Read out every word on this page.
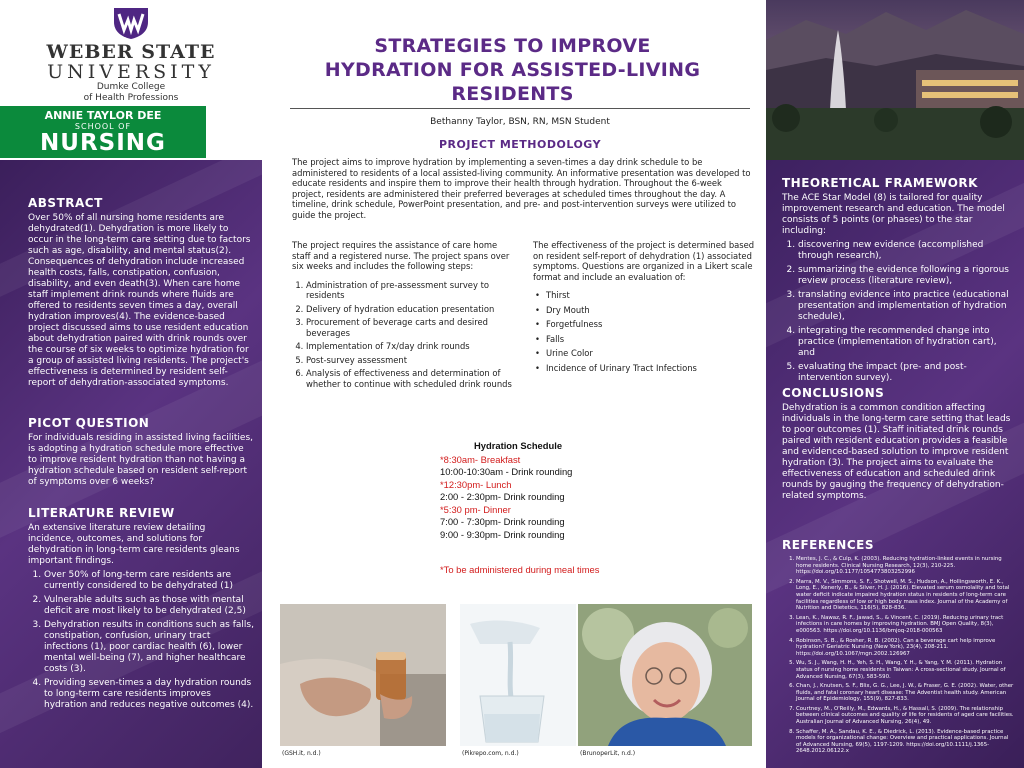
WEBER STATE
UNIVERSITY
Dumke College
of Health Professions
ANNIE TAYLOR DEE
SCHOOL OF
NURSING
ABSTRACT

Over 50% of all nursing home residents are dehydrated(1). Dehydration is more likely to occur in the long-term care setting due to factors such as age, disability, and mental status(2). Consequences of dehydration include increased health costs, falls, constipation, confusion, disability, and even death(3). When care home staff implement drink rounds where fluids are offered to residents seven times a day, overall hydration improves(4). The evidence-based project discussed aims to use resident education about dehydration paired with drink rounds over the course of six weeks to optimize hydration for a group of assisted living residents. The project's effectiveness is determined by resident self-report of dehydration-associated symptoms.

PICOT QUESTION

For individuals residing in assisted living facilities, is adopting a hydration schedule more effective to improve resident hydration than not having a hydration schedule based on resident self-report of symptoms over 6 weeks?

LITERATURE REVIEW

An extensive literature review detailing incidence, outcomes, and solutions for dehydration in long-term care residents gleans important findings.

1. Over 50% of long-term care residents are currently considered to be dehydrated (1)
2. Vulnerable adults such as those with mental deficit are most likely to be dehydrated (2,5)
3. Dehydration results in conditions such as falls, constipation, confusion, urinary tract infections (1), poor cardiac health (6), lower mental well-being (7), and higher healthcare costs (3).
4. Providing seven-times a day hydration rounds to long-term care residents improves hydration and reduces negative outcomes (4).
STRATEGIES TO IMPROVE
HYDRATION FOR ASSISTED-LIVING
RESIDENTS
Bethanny Taylor, BSN, RN, MSN Student
PROJECT METHODOLOGY

The project aims to improve hydration by implementing a seven-times a day drink schedule to be administered to residents of a local assisted-living community. An informative presentation was developed to educate residents and inspire them to improve their health through hydration. Throughout the 6-week project, residents are administered their preferred beverages at scheduled times throughout the day. A timeline, drink schedule, PowerPoint presentation, and pre- and post-intervention surveys were utilized to guide the project.

The project requires the assistance of care home staff and a registered nurse. The project spans over six weeks and includes the following steps:

1. Administration of pre-assessment survey to residents
2. Delivery of hydration education presentation
3. Procurement of beverage carts and desired beverages
4. Implementation of 7x/day drink rounds
5. Post-survey assessment
6. Analysis of effectiveness and determination of whether to continue with scheduled drink rounds

The effectiveness of the project is determined based on resident self-report of dehydration (1) associated symptoms. Questions are organized in a Likert scale format and include an evaluation of:

• Thirst
• Dry Mouth
• Forgetfulness
• Falls
• Urine Color
• Incidence of Urinary Tract Infections
Hydration Schedule
*8:30am- Breakfast
10:00-10:30am - Drink rounding
*12:30pm- Lunch
2:00 - 2:30pm- Drink rounding
*5:30 pm- Dinner
7:00 - 7:30pm- Drink rounding
9:00 - 9:30pm- Drink rounding
*To be administered during meal times
(GSH.it, n.d.)	(Pikrepo.com, n.d.)	(BrunoperLit, n.d.)
THEORETICAL FRAMEWORK

The ACE Star Model (8) is tailored for quality improvement research and education. The model consists of 5 points (or phases) to the star including:

1. discovering new evidence (accomplished through research),
2. summarizing the evidence following a rigorous review process (literature review),
3. translating evidence into practice (educational presentation and implementation of hydration schedule),
4. integrating the recommended change into practice (implementation of hydration cart), and
5. evaluating the impact (pre- and post-intervention survey).
CONCLUSIONS

Dehydration is a common condition affecting individuals in the long-term care setting that leads to poor outcomes (1). Staff initiated drink rounds paired with resident education provides a feasible and evidenced-based solution to improve resident hydration (3). The project aims to evaluate the effectiveness of education and scheduled drink rounds by gauging the frequency of dehydration-related symptoms.

REFERENCES
1. Mentes, J. C., & Culp, K. (2003). Reducing hydration-linked events in nursing home residents. Clinical Nursing Research, 12(3), 210-225. https://doi.org/10.1177/1054773803252996
2. Marra, M. V., Simmons, S. F., Shotwell, M. S., Hudson, A., Hollingsworth, E. K., Long, E., Kenerly, B., & Silver, H. J. (2016). Elevated serum osmolality and total water deficit indicate impaired hydration status in residents of long-term care facilities regardless of low or high body mass index. Journal of the Academy of Nutrition and Dietetics, 116(5), 828-836.
3. Lean, K., Nawaz, R. F., Jawad, S., & Vincent, C. (2019). Reducing urinary tract infections in care homes by improving hydration. BMJ Open Quality, 8(3), e000563. https://doi.org/10.1136/bmjoq-2018-000563
4. Robinson, S. B., & Rosher, R. B. (2002). Can a beverage cart help improve hydration? Geriatric Nursing (New York), 23(4), 208-211. https://doi.org/10.1067/mgn.2002.126967
5. Wu, S. J., Wang, H. H., Yeh, S. H., Wang, Y. H., & Yang, Y. M. (2011). Hydration status of nursing home residents in Taiwan: A cross-sectional study. Journal of Advanced Nursing, 67(3), 583-590.
6. Chan, J., Knutsen, S. F., Blix, G. G., Lee, J. W., & Fraser, G. E. (2002). Water, other fluids, and fatal coronary heart disease: The Adventist health study. American Journal of Epidemiology, 155(9), 827-833.
7. Courtney, M., O'Reilly, M., Edwards, H., & Hassall, S. (2009). The relationship between clinical outcomes and quality of life for residents of aged care facilities. Australian Journal of Advanced Nursing, 26(4), 49.
8. Schaffer, M. A., Sandau, K. E., & Diedrick, L. (2013). Evidence-based practice models for organizational change: Overview and practical applications. Journal of Advanced Nursing, 69(5), 1197-1209. https://doi.org/10.1111/j.1365-2648.2012.06122.x
